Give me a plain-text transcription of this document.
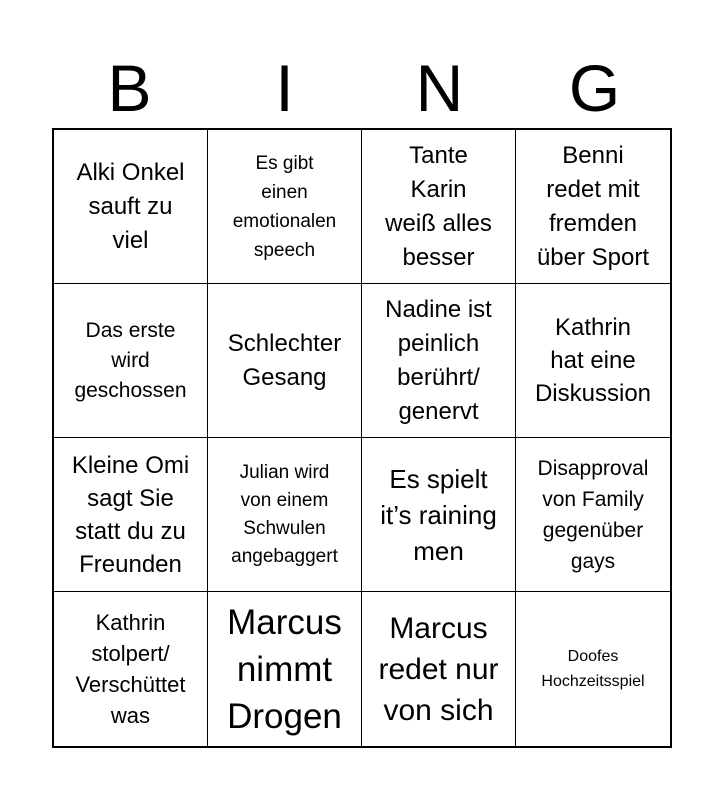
B	I	N	G
Alki Onkel
sauft zu
viel
Es gibt
einen
emotionalen
speech
Tante
Karin
weiß alles
besser
Benni
redet mit
fremden
über Sport
Das erste
wird
geschossen
Schlechter
Gesang
Nadine ist
peinlich
berührt/
genervt
Kathrin
hat eine
Diskussion
Kleine Omi
sagt Sie
statt du zu
Freunden
Julian wird
von einem
Schwulen
angebaggert
Es spielt
it’s raining
men
Disapproval
von Family
gegenüber
gays
Kathrin
stolpert/
Verschüttet
was
Marcus
nimmt
Drogen
Marcus
redet nur
von sich
Doofes
Hochzeitsspiel
